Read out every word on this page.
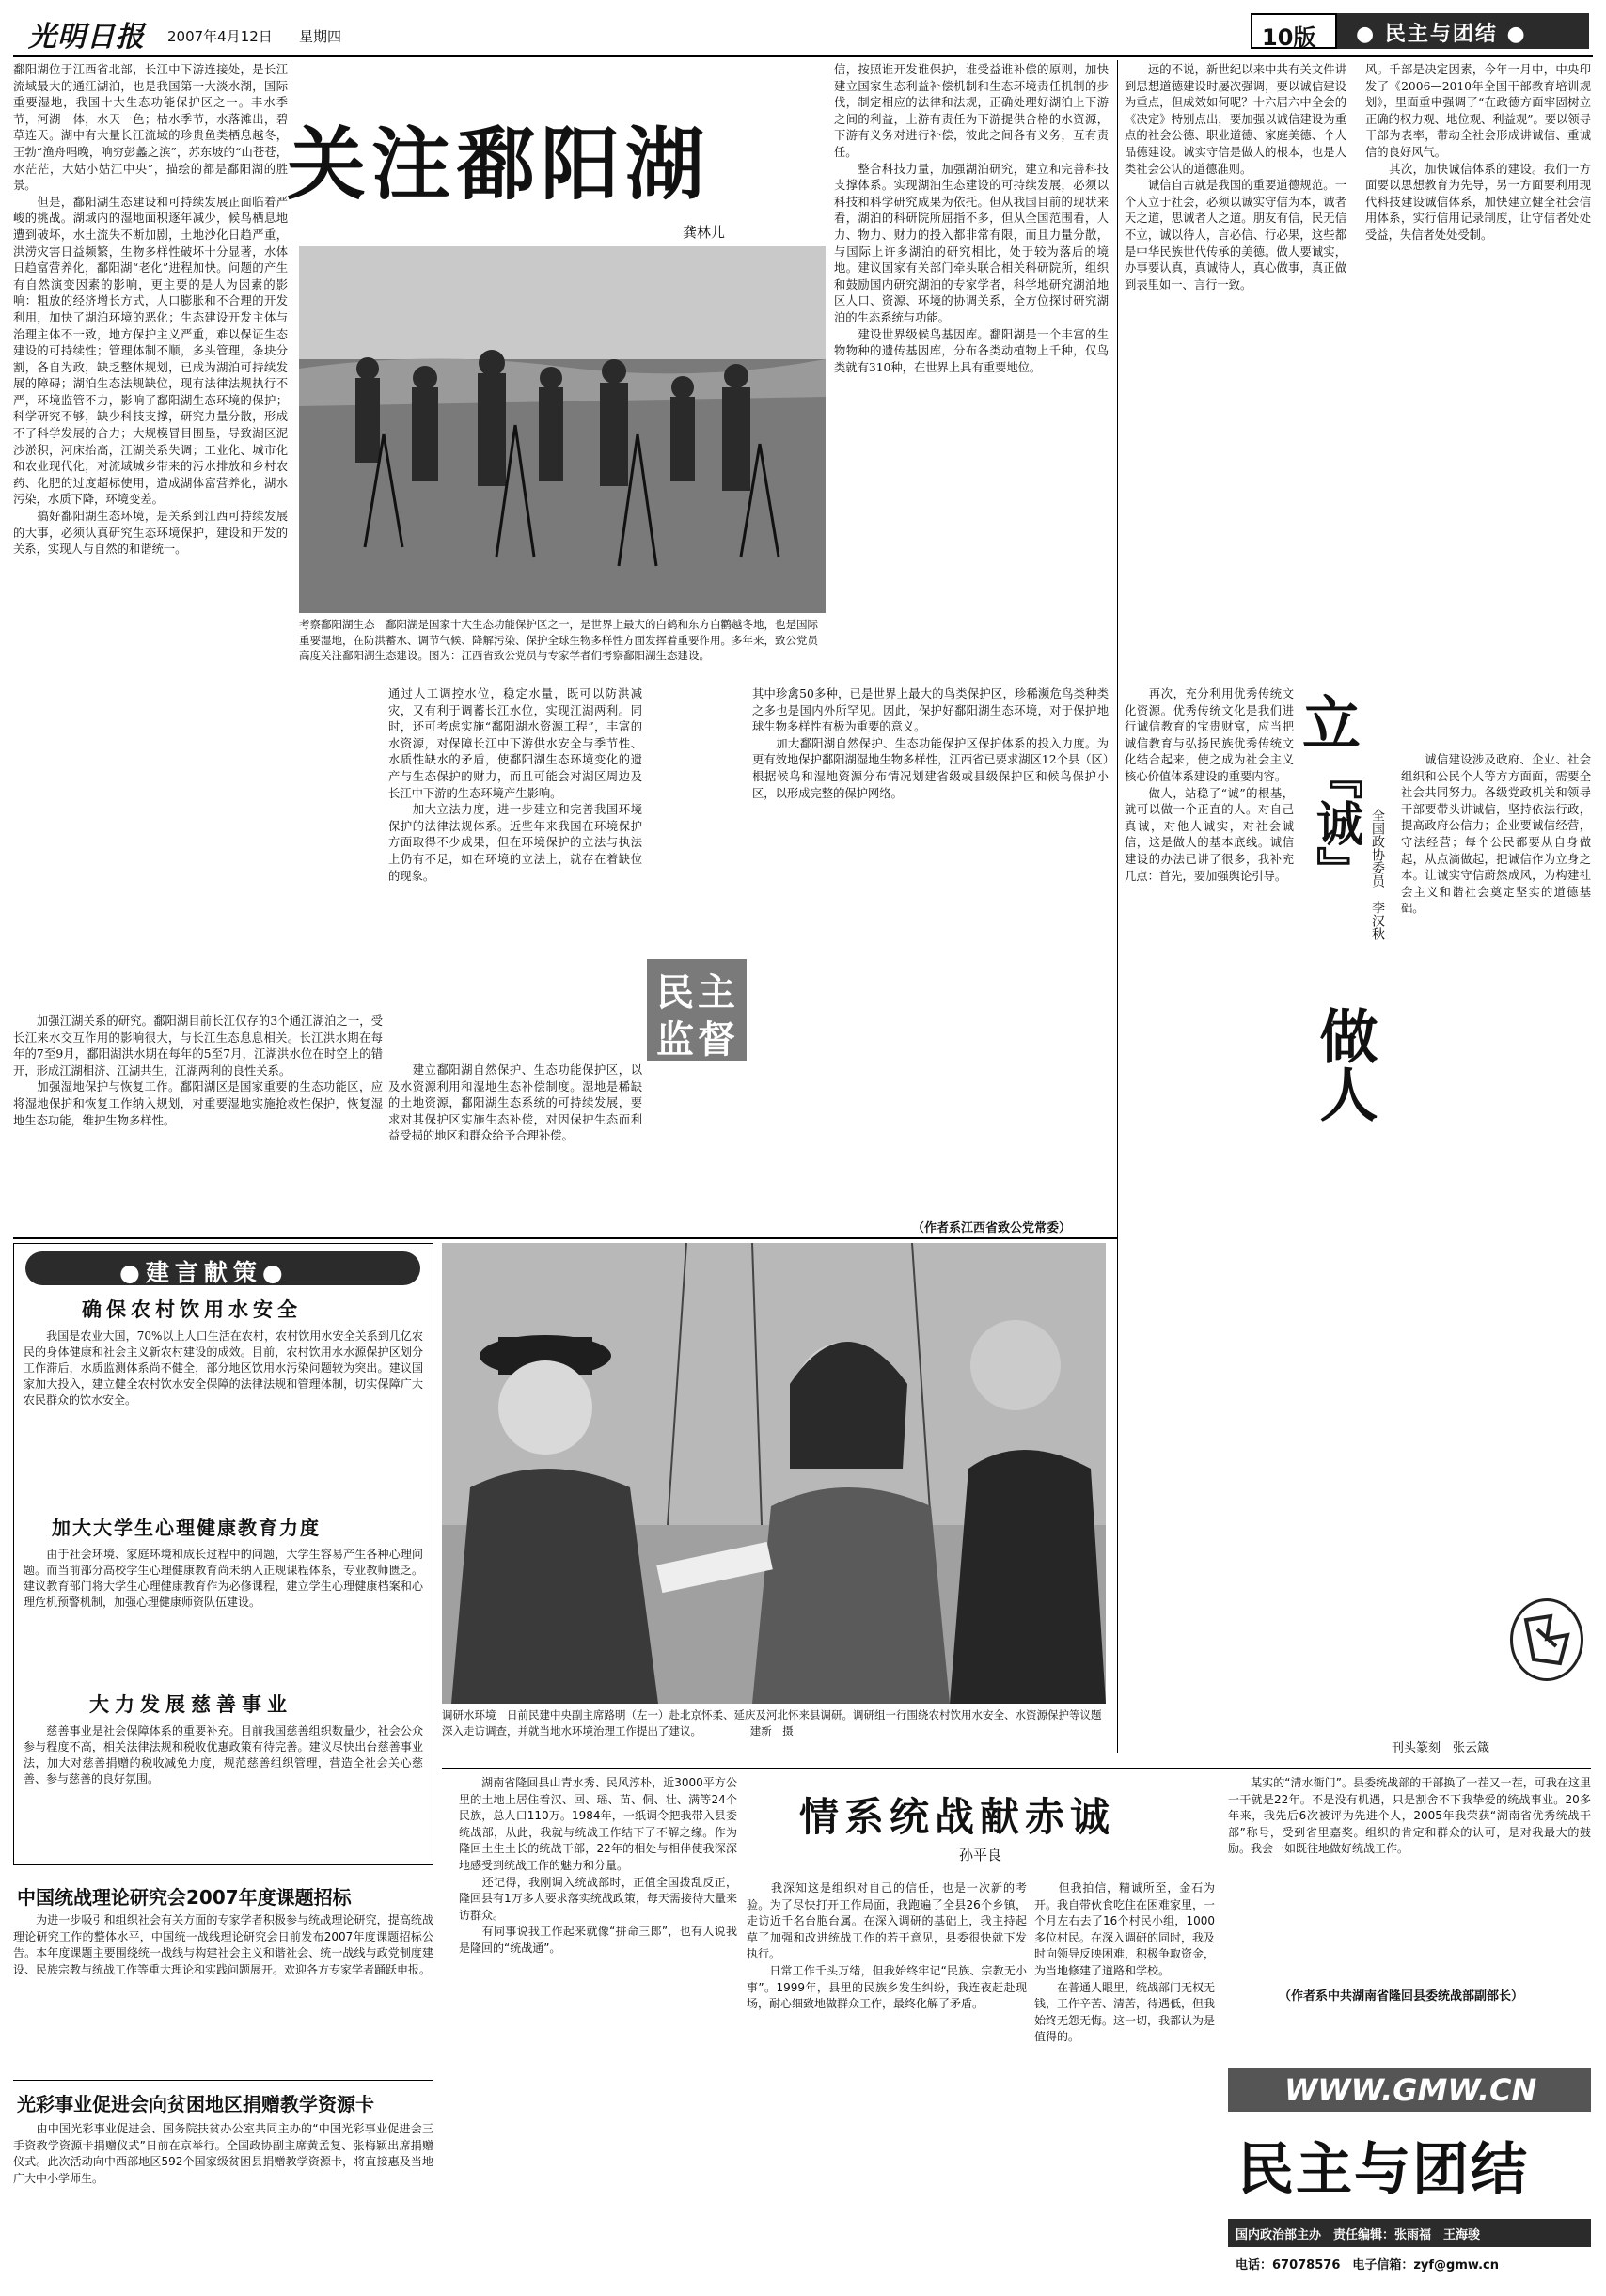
光明日报 2007年4月12日 星期四	10版 ● 民主与团结 ●
鄱阳湖位于江西省北部，长江中下游连接处，是长江流域最大的通江湖泊，也是我国第一大淡水湖，国际重要湿地，我国十大生态功能保护区之一。丰水季节，河湖一体，水天一色；枯水季节，水落滩出，碧草连天。湖中有大量长江流域的珍贵鱼类栖息越冬，王勃“渔舟唱晚，响穷彭蠡之滨”，苏东坡的“山苍苍，水茫茫，大姑小姑江中央”，描绘的都是鄱阳湖的胜景。
　　但是，鄱阳湖生态建设和可持续发展正面临着严峻的挑战。湖域内的湿地面积逐年减少，候鸟栖息地遭到破坏，水土流失不断加剧，土地沙化日趋严重，洪涝灾害日益频繁，生物多样性破坏十分显著，水体日趋富营养化，鄱阳湖“老化”进程加快。问题的产生有自然演变因素的影响，更主要的是人为因素的影响：粗放的经济增长方式，人口膨胀和不合理的开发利用，加快了湖泊环境的恶化；生态建设开发主体与治理主体不一致，地方保护主义严重，难以保证生态建设的可持续性；管理体制不顺，多头管理，条块分割，各自为政，缺乏整体规划，已成为湖泊可持续发展的障碍；湖泊生态法规缺位，现有法律法规执行不严，环境监管不力，影响了鄱阳湖生态环境的保护；科学研究不够，缺少科技支撑，研究力量分散，形成不了科学发展的合力；大规模冒目围垦，导致湖区泥沙淤积，河床抬高，江湖关系失调；工业化、城市化和农业现代化，对流域城乡带来的污水排放和乡村农药、化肥的过度超标使用，造成湖体富营养化，湖水污染，水质下降，环境变差。
　　搞好鄱阳湖生态环境，是关系到江西可持续发展的大事，必须认真研究生态环境保护，建设和开发的关系，实现人与自然的和谐统一。
　　加强江湖关系的研究。鄱阳湖目前长江仅存的3个通江湖泊之一，受长江来水交互作用的影响很大，与长江生态息息相关。长江洪水期在每年的7至9月，鄱阳湖洪水期在每年的5至7月，江湖洪水位在时空上的错开，形成江湖相济、江湖共生，江湖两利的良性关系。
　　加强湿地保护与恢复工作。鄱阳湖区是国家重要的生态功能区，应将湿地保护和恢复工作纳入规划，对重要湿地实施抢救性保护，恢复湿地生态功能，维护生物多样性。
关注鄱阳湖
龚林儿
考察鄱阳湖生态　鄱阳湖是国家十大生态功能保护区之一，是世界上最大的白鹤和东方白鹳越冬地，也是国际重要湿地，在防洪蓄水、调节气候、降解污染、保护全球生物多样性方面发挥着重要作用。多年来，致公党员高度关注鄱阳湖生态建设。图为：江西省致公党员与专家学者们考察鄱阳湖生态建设。
通过人工调控水位，稳定水量，既可以防洪减灾，又有利于调蓄长江水位，实现江湖两利。同时，还可考虑实施“鄱阳湖水资源工程”，丰富的水资源，对保障长江中下游供水安全与季节性、水质性缺水的矛盾，使鄱阳湖生态环境变化的遗产与生态保护的财力，而且可能会对湖区周边及长江中下游的生态环境产生影响。
　　加大立法力度，进一步建立和完善我国环境保护的法律法规体系。近些年来我国在环境保护方面取得不少成果，但在环境保护的立法与执法上仍有不足，如在环境的立法上，就存在着缺位的现象。
　　建立鄱阳湖自然保护、生态功能保护区，以及水资源利用和湿地生态补偿制度。湿地是稀缺的土地资源，鄱阳湖生态系统的可持续发展，要求对其保护区实施生态补偿，对因保护生态而利益受损的地区和群众给予合理补偿。
信，按照谁开发谁保护，谁受益谁补偿的原则，加快建立国家生态利益补偿机制和生态环境责任机制的步伐，制定相应的法律和法规，正确处理好湖泊上下游之间的利益，上游有责任为下游提供合格的水资源，下游有义务对进行补偿，彼此之间各有义务，互有责任。
　　整合科技力量，加强湖泊研究，建立和完善科技支撑体系。实现湖泊生态建设的可持续发展，必须以科技和科学研究成果为依托。但从我国目前的现状来看，湖泊的科研院所屈指不多，但从全国范围看，人力、物力、财力的投入都非常有限，而且力量分散，与国际上许多湖泊的研究相比，处于较为落后的境地。建议国家有关部门牵头联合相关科研院所，组织和鼓励国内研究湖泊的专家学者，科学地研究湖泊地区人口、资源、环境的协调关系，全方位探讨研究湖泊的生态系统与功能。
　　建设世界级候鸟基因库。鄱阳湖是一个丰富的生物物种的遗传基因库，分布各类动植物上千种，仅鸟类就有310种，在世界上具有重要地位。
其中珍禽50多种，已是世界上最大的鸟类保护区，珍稀濒危鸟类种类之多也是国内外所罕见。因此，保护好鄱阳湖生态环境，对于保护地球生物多样性有极为重要的意义。
　　加大鄱阳湖自然保护、生态功能保护区保护体系的投入力度。为更有效地保护鄱阳湖湿地生物多样性，江西省已要求湖区12个县（区）根据候鸟和湿地资源分布情况划建省级或县级保护区和候鸟保护小区，以形成完整的保护网络。
民主
监督
（作者系江西省致公党常委）
●建言献策●
确保农村饮用水安全
　　我国是农业大国，70%以上人口生活在农村，农村饮用水安全关系到几亿农民的身体健康和社会主义新农村建设的成效。目前，农村饮用水水源保护区划分工作滞后，水质监测体系尚不健全，部分地区饮用水污染问题较为突出。建议国家加大投入，建立健全农村饮水安全保障的法律法规和管理体制，切实保障广大农民群众的饮水安全。
加大大学生心理健康教育力度
　　由于社会环境、家庭环境和成长过程中的问题，大学生容易产生各种心理问题。而当前部分高校学生心理健康教育尚未纳入正规课程体系，专业教师匮乏。建议教育部门将大学生心理健康教育作为必修课程，建立学生心理健康档案和心理危机预警机制，加强心理健康师资队伍建设。
大力发展慈善事业
　　慈善事业是社会保障体系的重要补充。目前我国慈善组织数量少，社会公众参与程度不高，相关法律法规和税收优惠政策有待完善。建议尽快出台慈善事业法，加大对慈善捐赠的税收减免力度，规范慈善组织管理，营造全社会关心慈善、参与慈善的良好氛围。
调研水环境　日前民建中央副主席路明（左一）赴北京怀柔、延庆及河北怀来县调研。调研组一行围绕农村饮用水安全、水资源保护等议题深入走访调查，并就当地水环境治理工作提出了建议。　　　　　建新　摄
　　远的不说，新世纪以来中共有关文件讲到思想道德建设时屡次强调，要以诚信建设为重点，但成效如何呢？十六届六中全会的《决定》特别点出，要加强以诚信建设为重点的社会公德、职业道德、家庭美德、个人品德建设。诚实守信是做人的根本，也是人类社会公认的道德准则。
　　诚信自古就是我国的重要道德规范。一个人立于社会，必须以诚实守信为本，诚者天之道，思诚者人之道。朋友有信，民无信不立，诚以待人，言必信、行必果，这些都是中华民族世代传承的美德。做人要诚实，办事要认真，真诚待人，真心做事，真正做到表里如一、言行一致。
风。千部是决定因素，今年一月中，中央印发了《2006—2010年全国干部教育培训规划》，里面重申强调了“在政德方面牢固树立正确的权力观、地位观、利益观”。要以领导干部为表率，带动全社会形成讲诚信、重诚信的良好风气。
　　其次，加快诚信体系的建设。我们一方面要以思想教育为先导，另一方面要利用现代科技建设诚信体系，加快建立健全社会信用体系，实行信用记录制度，让守信者处处受益，失信者处处受制。
立
『诚』
做人
全国政协委员　李汉秋
　　再次，充分利用优秀传统文化资源。优秀传统文化是我们进行诚信教育的宝贵财富，应当把诚信教育与弘扬民族优秀传统文化结合起来，使之成为社会主义核心价值体系建设的重要内容。
　　做人，站稳了“诚”的根基，就可以做一个正直的人。对自己真诚，对他人诚实，对社会诚信，这是做人的基本底线。诚信建设的办法已讲了很多，我补充几点：首先，要加强舆论引导。
　　诚信建设涉及政府、企业、社会组织和公民个人等方方面面，需要全社会共同努力。各级党政机关和领导干部要带头讲诚信，坚持依法行政，提高政府公信力；企业要诚信经营，守法经营；每个公民都要从自身做起，从点滴做起，把诚信作为立身之本。让诚实守信蔚然成风，为构建社会主义和谐社会奠定坚实的道德基础。
刊头篆刻　张云箴
中国统战理论研究会2007年度课题招标
　　为进一步吸引和组织社会有关方面的专家学者积极参与统战理论研究，提高统战理论研究工作的整体水平，中国统一战线理论研究会日前发布2007年度课题招标公告。本年度课题主要围绕统一战线与构建社会主义和谐社会、统一战线与政党制度建设、民族宗教与统战工作等重大理论和实践问题展开。欢迎各方专家学者踊跃申报。
光彩事业促进会向贫困地区捐赠教学资源卡
　　由中国光彩事业促进会、国务院扶贫办公室共同主办的“中国光彩事业促进会三手资教学资源卡捐赠仪式”日前在京举行。全国政协副主席黄孟复、张梅颖出席捐赠仪式。此次活动向中西部地区592个国家级贫困县捐赠教学资源卡，将直接惠及当地广大中小学师生。
　　湖南省隆回县山青水秀、民风淳朴，近3000平方公里的土地上居住着汉、回、瑶、苗、侗、壮、满等24个民族，总人口110万。1984年，一纸调令把我带入县委统战部，从此，我就与统战工作结下了不解之缘。作为隆回土生土长的统战干部，22年的相处与相伴使我深深地感受到统战工作的魅力和分量。
　　还记得，我刚调入统战部时，正值全国拨乱反正，隆回县有1万多人要求落实统战政策，每天需接待大量来访群众。
　　有同事说我工作起来就像“拼命三郎”，也有人说我是隆回的“统战通”。
情系统战献赤诚
孙平良
　　我深知这是组织对自己的信任，也是一次新的考验。为了尽快打开工作局面，我跑遍了全县26个乡镇，走访近千名台胞台属。在深入调研的基础上，我主持起草了加强和改进统战工作的若干意见，县委很快就下发执行。
　　日常工作千头万绪，但我始终牢记“民族、宗教无小事”。1999年，县里的民族乡发生纠纷，我连夜赶赴现场，耐心细致地做群众工作，最终化解了矛盾。
　　但我拍信，精诚所至，金石为开。我自带伙食吃住在困难家里，一个月左右去了16个村民小组，1000多位村民。在深入调研的同时，我及时向领导反映困难，积极争取资金，为当地修建了道路和学校。
　　在普通人眼里，统战部门无权无钱，工作辛苦、清苦，待遇低，但我始终无怨无悔。这一切，我都认为是值得的。
　　某实的“清水衙门”。县委统战部的干部换了一茬又一茬，可我在这里一干就是22年。不是没有机遇，只是割舍不下我挚爱的统战事业。20多年来，我先后6次被评为先进个人，2005年我荣获“湖南省优秀统战干部”称号，受到省里嘉奖。组织的肯定和群众的认可，是对我最大的鼓励。我会一如既往地做好统战工作。
（作者系中共湖南省隆回县委统战部副部长）
WWW.GMW.CN
民主与团结
国内政治部主办　责任编辑：张雨福　王海骏
电话：67078576　电子信箱：zyf@gmw.cn
